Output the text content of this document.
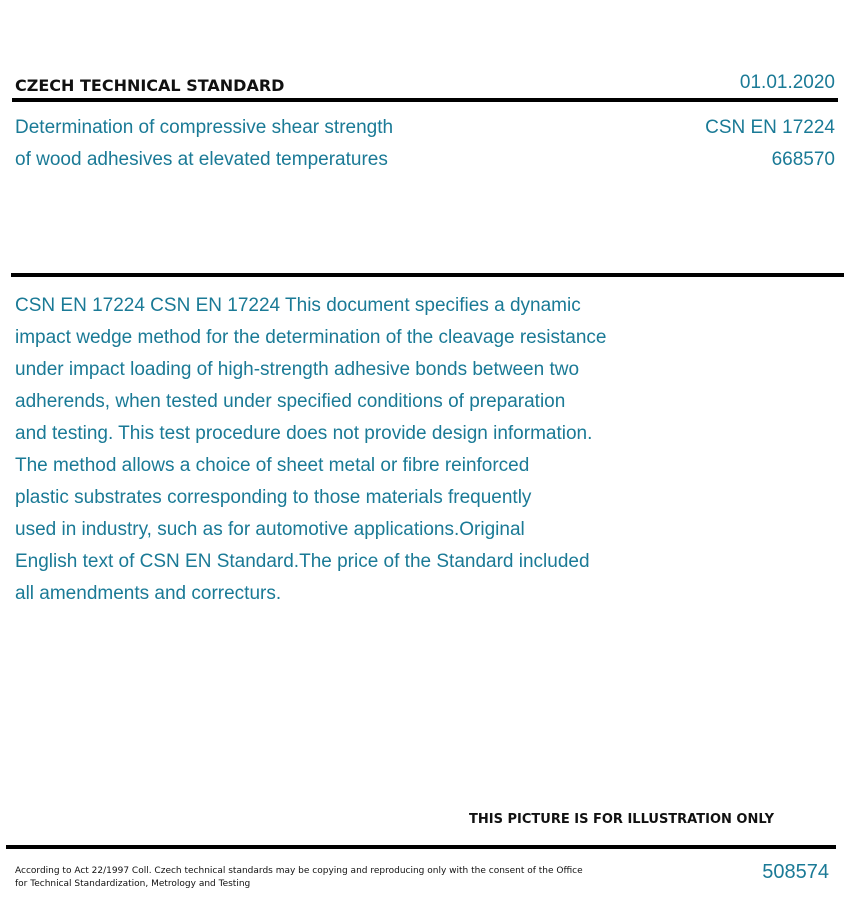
CZECH TECHNICAL STANDARD	01.01.2020
Determination of compressive shear strength
of wood adhesives at elevated temperatures
CSN EN 17224
668570
CSN EN 17224 CSN EN 17224 This document specifies a dynamic
impact wedge method for the determination of the cleavage resistance
under impact loading of high-strength adhesive bonds between two
adherends, when tested under specified conditions of preparation
and testing. This test procedure does not provide design information.
The method allows a choice of sheet metal or fibre reinforced
plastic substrates corresponding to those materials frequently
used in industry, such as for automotive applications.Original
English text of CSN EN Standard.The price of the Standard included
all amendments and correcturs.
THIS PICTURE IS FOR ILLUSTRATION ONLY
According to Act 22/1997 Coll. Czech technical standards may be copying and reproducing only with the consent of the Office
for Technical Standardization, Metrology and Testing
508574
